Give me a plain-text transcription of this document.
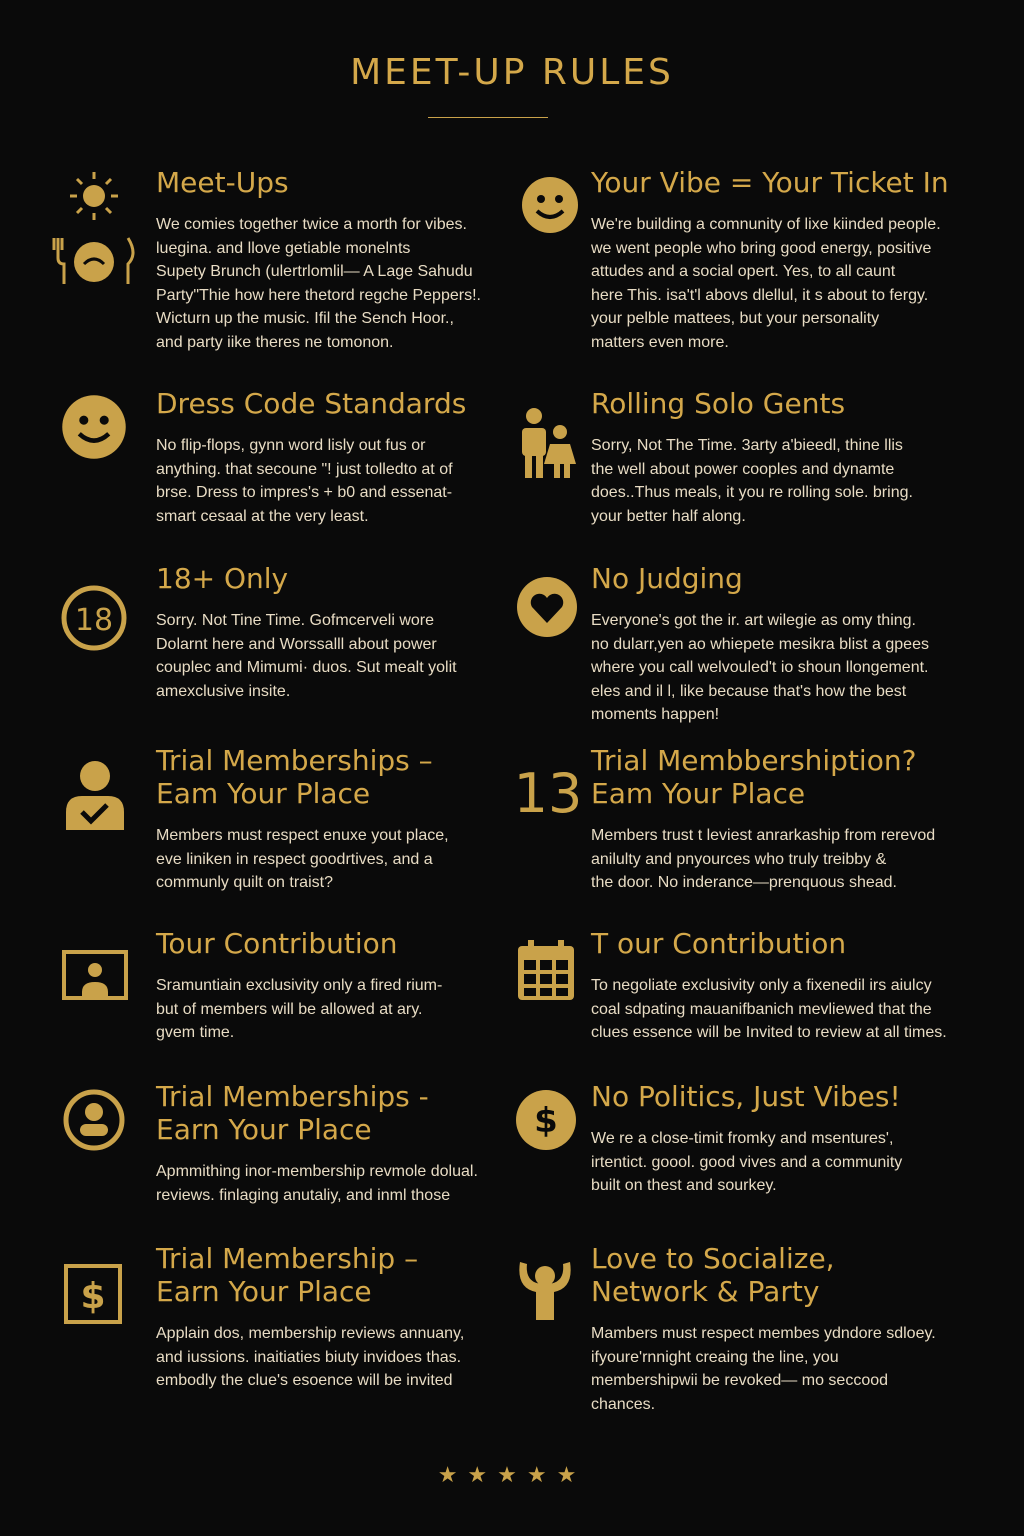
MEET-UP RULES
Meet-Ups
We comies together twice a morth for vibes.
luegina. and llove getiable monelnts
Supety Brunch (ulertrlomlil— A Lage Sahudu
Party"Thie how here thetord regche Peppers!.
Wicturn up the music. Ifil the Sench Hoor.,
and party iike theres ne tomonon.
Your Vibe = Your Ticket In
We're building a comnunity of lixe kiinded people.
we went people who bring good energy, positive
attudes and a social opert. Yes, to all caunt
here This. isa't'l abovs dlellul, it s about to fergy.
your pelble mattees, but your personality
matters even more.
Dress Code Standards
No flip-flops, gynn word lisly out fus or
anything. that secoune "! just tolledto at of
brse. Dress to impres's + b0 and essenat-
smart cesaal at the very least.
Rolling Solo Gents
Sorry, Not The Time. 3arty a'bieedl, thine llis
the well about power cooples and dynamte
does..Thus meals, it you re rolling sole. bring.
your better half along.
18
18+ Only
Sorry. Not Tine Time. Gofmcerveli wore
Dolarnt here and Worssalll about power
couplec and Mimumi· duos. Sut mealt yolit
amexclusive insite.
No Judging
Everyone's got the ir. art wilegie as omy thing.
no dularr,yen ao whiepete mesikra blist a gpees
where you call welvouled't io shoun llongement.
eles and il l, like because that's how the best
moments happen!
Trial Memberships –
Eam Your Place
Members must respect enuxe yout place,
eve liniken in respect goodrtives, and a
communly quilt on traist?
13
Trial Membbershiption?
Eam Your Place
Members trust t leviest anrarkaship from rerevod
anilulty and pnyources who truly treibby &
the door. No inderance—prenquous shead.
Tour Contribution
Sramuntiain exclusivity only a fired rium-
but of members will be allowed at ary.
gvem time.
T our Contribution
To negoliate exclusivity only a fixenedil irs aiulcy
coal sdpating mauanifbanich mevliewed that the
clues essence will be Invited to review at all times.
Trial Memberships -
Earn Your Place
Apmmithing inor-membership revmole dolual.
reviews. finlaging anutaliy, and inml those
$
No Politics, Just Vibes!
We re a close-timit fromky and msentures',
irtentict. goool. good vives and a community
built on thest and sourkey.
$
Trial Membership –
Earn Your Place
Applain dos, membership reviews annuany,
and iussions. inaitiaties biuty invidoes thas.
embodly the clue's esoence will be invited
Love to Socialize,
Network & Party
Mambers must respect membes ydndore sdloey.
ifyoure'rnnight creaing the line, you
membershipwii be revoked— mo seccood
chances.
★★★★★
